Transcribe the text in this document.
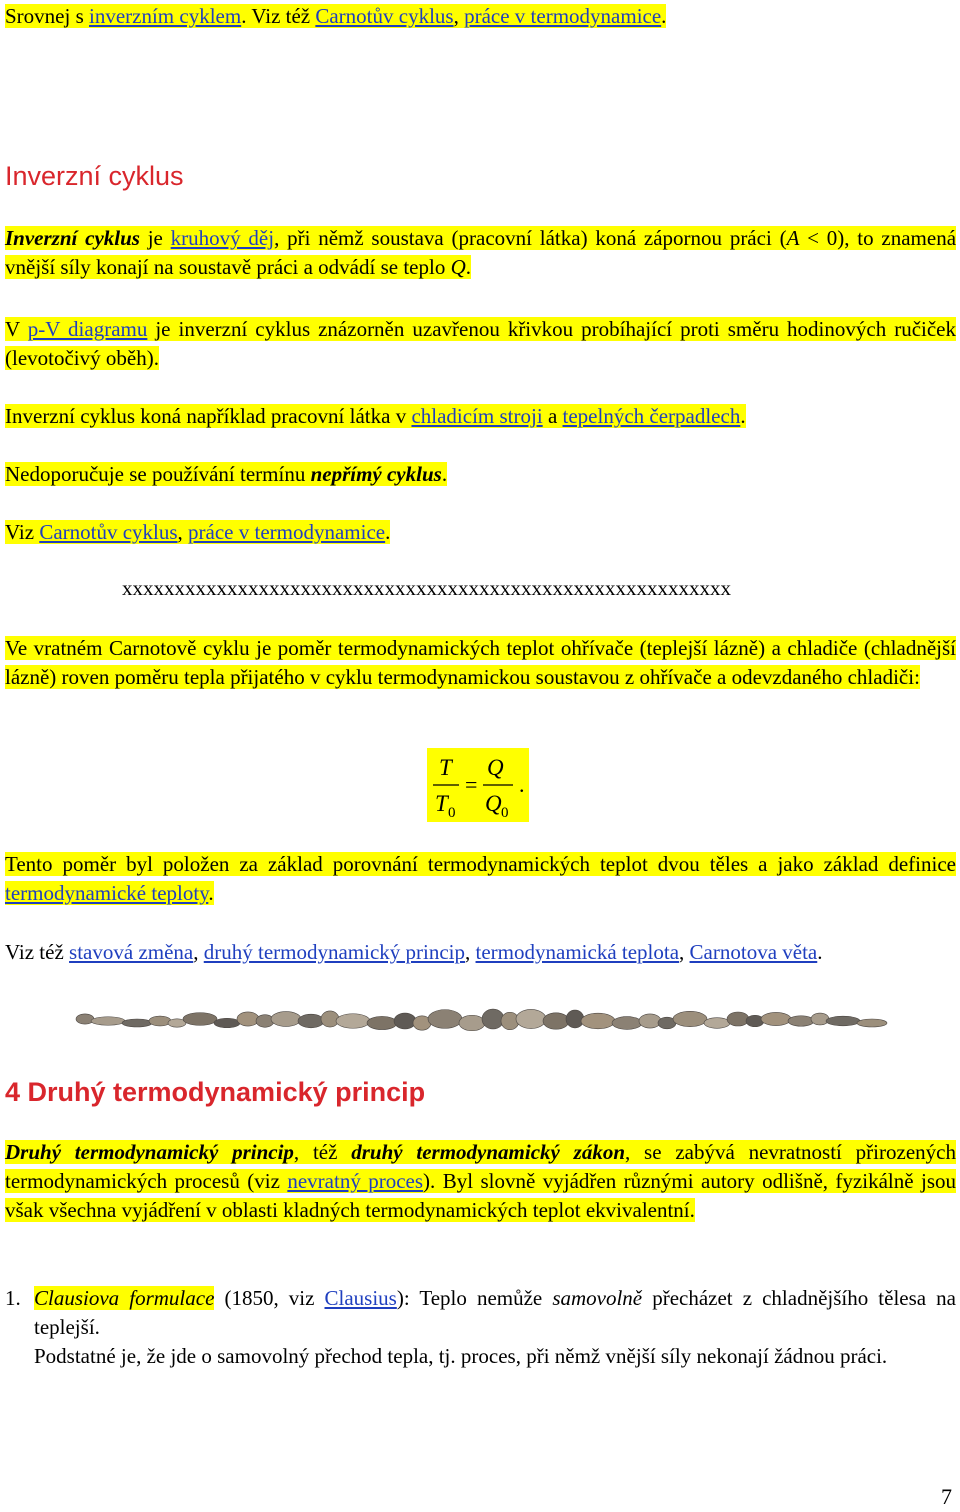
Srovnej s inverzním cyklem. Viz též Carnotův cyklus, práce v termodynamice.
Inverzní cyklus

Inverzní cyklus je kruhový děj, při němž soustava (pracovní látka) koná zápornou práci (A < 0), to znamená vnější síly konají na soustavě práci a odvádí se teplo Q.

V p-V diagramu je inverzní cyklus znázorněn uzavřenou křivkou probíhající proti směru hodinových ručiček (levotočivý oběh).

Inverzní cyklus koná například pracovní látka v chladicím stroji a tepelných čerpadlech.
Nedoporučuje se používání termínu nepřímý cyklus.
Viz Carnotův cyklus, práce v termodynamice.
xxxxxxxxxxxxxxxxxxxxxxxxxxxxxxxxxxxxxxxxxxxxxxxxxxxxxxxxxx

Ve vratném Carnotově cyklu je poměr termodynamických teplot ohřívače (teplejší lázně) a chladiče (chladnější lázně) roven poměru tepla přijatého v cyklu termodynamickou soustavou z ohřívače a odevzdaného chladiči:

T
T 0
=
Q
Q 0
.

Tento poměr byl položen za základ porovnání termodynamických teplot dvou těles a jako základ definice termodynamické teploty.

Viz též stavová změna, druhý termodynamický princip, termodynamická teplota, Carnotova věta.

4 Druhý termodynamický princip

Druhý termodynamický princip, též druhý termodynamický zákon, se zabývá nevratností přirozených termodynamických procesů (viz nevratný proces). Byl slovně vyjádřen různými autory odlišně, fyzikálně jsou však všechna vyjádření v oblasti kladných termodynamických teplot ekvivalentní.

1. Clausiova formulace (1850, viz Clausius): Teplo nemůže samovolně přecházet z chladnějšího tělesa na teplejší.

Podstatné je, že jde o samovolný přechod tepla, tj. proces, při němž vnější síly nekonají žádnou práci.

7
